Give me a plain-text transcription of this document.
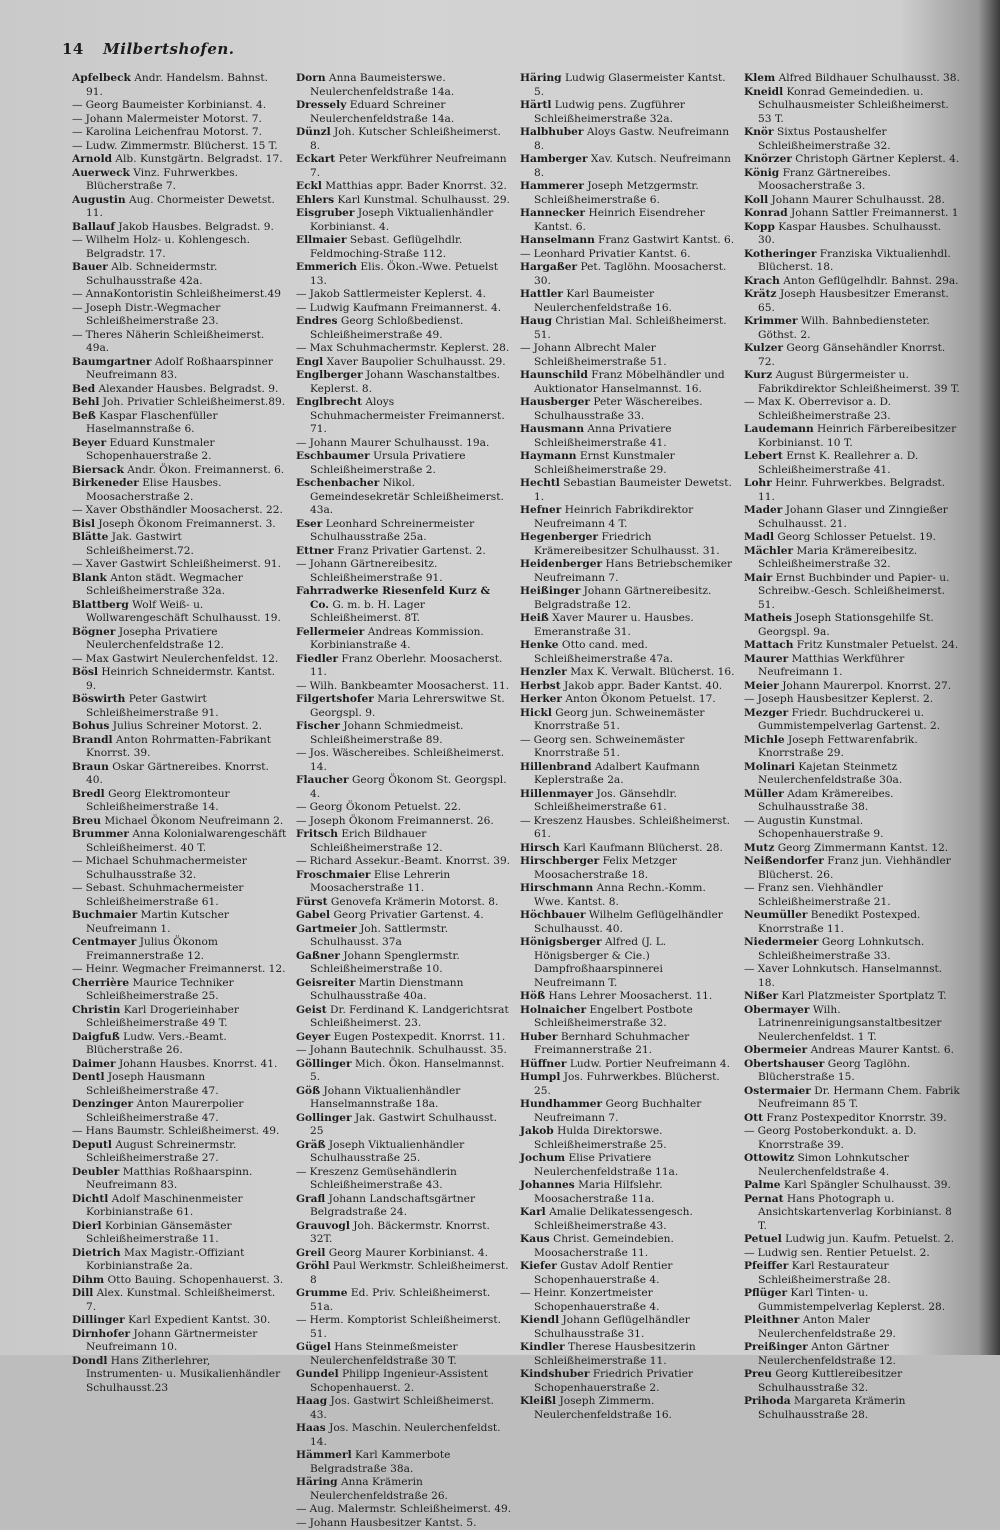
14 Milbertshofen.

Apfelbeck Andr. Handelsm. Bahnst. 91.

— Georg Baumeister Korbinianst. 4.

— Johann Malermeister Motorst. 7.

— Karolina Leichenfrau Motorst. 7.

— Ludw. Zimmermstr. Blücherst. 15 T.

Arnold Alb. Kunstgärtn. Belgradst. 17.

Auerweck Vinz. Fuhrwerkbes. Blücherstraße 7.

Augustin Aug. Chormeister Dewetst. 11.

Ballauf Jakob Hausbes. Belgradst. 9.

— Wilhelm Holz- u. Kohlengesch. Belgradstr. 17.

Bauer Alb. Schneidermstr. Schulhausstraße 42a.

— AnnaKontoristin Schleißheimerst.49

— Joseph Distr.-Wegmacher Schleißheimerstraße 23.

— Theres Näherin Schleißheimerst. 49a.

Baumgartner Adolf Roßhaarspinner Neufreimann 83.

Bed Alexander Hausbes. Belgradst. 9.

Behl Joh. Privatier Schleißheimerst.89.

Beß Kaspar Flaschenfüller Haselmannstraße 6.

Beyer Eduard Kunstmaler Schopenhauerstraße 2.

Biersack Andr. Ökon. Freimannerst. 6.

Birkeneder Elise Hausbes. Moosacherstraße 2.

— Xaver Obsthändler Moosacherst. 22.

Bisl Joseph Ökonom Freimannerst. 3.

Blätte Jak. Gastwirt Schleißheimerst.72.

— Xaver Gastwirt Schleißheimerst. 91.

Blank Anton städt. Wegmacher Schleißheimerstraße 32a.

Blattberg Wolf Weiß- u. Wollwarengeschäft Schulhausst. 19.

Bögner Josepha Privatiere Neulerchenfeldstraße 12.

— Max Gastwirt Neulerchenfeldst. 12.

Bösl Heinrich Schneidermstr. Kantst. 9.

Böswirth Peter Gastwirt Schleißheimerstraße 91.

Bohus Julius Schreiner Motorst. 2.

Brandl Anton Rohrmatten-Fabrikant Knorrst. 39.

Braun Oskar Gärtnereibes. Knorrst. 40.

Bredl Georg Elektromonteur Schleißheimerstraße 14.

Breu Michael Ökonom Neufreimann 2.

Brummer Anna Kolonialwarengeschäft Schleißheimerst. 40 T.

— Michael Schuhmachermeister Schulhausstraße 32.

— Sebast. Schuhmachermeister Schleißheimerstraße 61.

Buchmaier Martin Kutscher Neufreimann 1.

Centmayer Julius Ökonom Freimannerstraße 12.

— Heinr. Wegmacher Freimannerst. 12.

Cherrière Maurice Techniker Schleißheimerstraße 25.

Christin Karl Drogerieinhaber Schleißheimerstraße 49 T.

Daigfuß Ludw. Vers.-Beamt. Blücherstraße 26.

Daimer Johann Hausbes. Knorrst. 41.

Dentl Joseph Hausmann Schleißheimerstraße 47.

Denzinger Anton Maurerpolier Schleißheimerstraße 47.

— Hans Baumstr. Schleißheimerst. 49.

Deputl August Schreinermstr. Schleißheimerstraße 27.

Deubler Matthias Roßhaarspinn. Neufreimann 83.

Dichtl Adolf Maschinenmeister Korbinianstraße 61.

Dierl Korbinian Gänsemäster Schleißheimerstraße 11.

Dietrich Max Magistr.-Offiziant Korbinianstraße 2a.

Dihm Otto Bauing. Schopenhauerst. 3.

Dill Alex. Kunstmal. Schleißheimerst. 7.

Dillinger Karl Expedient Kantst. 30.

Dirnhofer Johann Gärtnermeister Neufreimann 10.

Dondl Hans Zitherlehrer, Instrumenten- u. Musikalienhändler Schulhausst.23

Dorn Anna Baumeisterswe. Neulerchenfeldstraße 14a.

Dressely Eduard Schreiner Neulerchenfeldstraße 14a.

Dünzl Joh. Kutscher Schleißheimerst. 8.

Eckart Peter Werkführer Neufreimann 7.

Eckl Matthias appr. Bader Knorrst. 32.

Ehlers Karl Kunstmal. Schulhausst. 29.

Eisgruber Joseph Viktualienhändler Korbinianst. 4.

Ellmaier Sebast. Geflügelhdlr. Feldmoching-Straße 112.

Emmerich Elis. Ökon.-Wwe. Petuelst 13.

— Jakob Sattlermeister Keplerst. 4.

— Ludwig Kaufmann Freimannerst. 4.

Endres Georg Schloßbedienst. Schleißheimerstraße 49.

— Max Schuhmachermstr. Keplerst. 28.

Engl Xaver Baupolier Schulhausst. 29.

Englberger Johann Waschanstaltbes. Keplerst. 8.

Englbrecht Aloys Schuhmachermeister Freimannerst. 71.

— Johann Maurer Schulhausst. 19a.

Eschbaumer Ursula Privatiere Schleißheimerstraße 2.

Eschenbacher Nikol. Gemeindesekretär Schleißheimerst. 43a.

Eser Leonhard Schreinermeister Schulhausstraße 25a.

Ettner Franz Privatier Gartenst. 2.

— Johann Gärtnereibesitz. Schleißheimerstraße 91.

Fahrradwerke Riesenfeld Kurz & Co. G. m. b. H. Lager Schleißheimerst. 8T.

Fellermeier Andreas Kommission. Korbinianstraße 4.

Fiedler Franz Oberlehr. Moosacherst. 11.

— Wilh. Bankbeamter Moosacherst. 11.

Filgertshofer Maria Lehrerswitwe St. Georgspl. 9.

Fischer Johann Schmiedmeist. Schleißheimerstraße 89.

— Jos. Wäschereibes. Schleißheimerst. 14.

Flaucher Georg Ökonom St. Georgspl. 4.

— Georg Ökonom Petuelst. 22.

— Joseph Ökonom Freimannerst. 26.

Fritsch Erich Bildhauer Schleißheimerstraße 12.

— Richard Assekur.-Beamt. Knorrst. 39.

Froschmaier Elise Lehrerin Moosacherstraße 11.

Fürst Genovefa Krämerin Motorst. 8.

Gabel Georg Privatier Gartenst. 4.

Gartmeier Joh. Sattlermstr. Schulhausst. 37a

Gaßner Johann Spenglermstr. Schleißheimerstraße 10.

Geisreiter Martin Dienstmann Schulhausstraße 40a.

Geist Dr. Ferdinand K. Landgerichtsrat Schleißheimerst. 23.

Geyer Eugen Postexpedit. Knorrst. 11.

— Johann Bautechnik. Schulhausst. 35.

Göllinger Mich. Ökon. Hanselmannst. 5.

Göß Johann Viktualienhändler Hanselmannstraße 18a.

Gollinger Jak. Gastwirt Schulhausst. 25

Gräß Joseph Viktualienhändler Schulhausstraße 25.

— Kreszenz Gemüsehändlerin Schleißheimerstraße 43.

Grafl Johann Landschaftsgärtner Belgradstraße 24.

Grauvogl Joh. Bäckermstr. Knorrst. 32T.

Greil Georg Maurer Korbinianst. 4.

Gröhl Paul Werkmstr. Schleißheimerst. 8

Grumme Ed. Priv. Schleißheimerst. 51a.

— Herm. Komptorist Schleißheimerst. 51.

Gügel Hans Steinmeßmeister Neulerchenfeldstraße 30 T.

Gundel Philipp Ingenieur-Assistent Schopenhauerst. 2.

Haag Jos. Gastwirt Schleißheimerst. 43.

Haas Jos. Maschin. Neulerchenfeldst. 14.

Hämmerl Karl Kammerbote Belgradstraße 38a.

Häring Anna Krämerin Neulerchenfeldstraße 26.

— Aug. Malermstr. Schleißheimerst. 49.

— Johann Hausbesitzer Kantst. 5.

Häring Ludwig Glasermeister Kantst. 5.

Härtl Ludwig pens. Zugführer Schleißheimerstraße 32a.

Halbhuber Aloys Gastw. Neufreimann 8.

Hamberger Xav. Kutsch. Neufreimann 8.

Hammerer Joseph Metzgermstr. Schleißheimerstraße 6.

Hannecker Heinrich Eisendreher Kantst. 6.

Hanselmann Franz Gastwirt Kantst. 6.

— Leonhard Privatier Kantst. 6.

Hargaßer Pet. Taglöhn. Moosacherst. 30.

Hattler Karl Baumeister Neulerchenfeldstraße 16.

Haug Christian Mal. Schleißheimerst. 51.

— Johann Albrecht Maler Schleißheimerstraße 51.

Haunschild Franz Möbelhändler und Auktionator Hanselmannst. 16.

Hausberger Peter Wäschereibes. Schulhausstraße 33.

Hausmann Anna Privatiere Schleißheimerstraße 41.

Haymann Ernst Kunstmaler Schleißheimerstraße 29.

Hechtl Sebastian Baumeister Dewetst. 1.

Hefner Heinrich Fabrikdirektor Neufreimann 4 T.

Hegenberger Friedrich Krämereibesitzer Schulhausst. 31.

Heidenberger Hans Betriebschemiker Neufreimann 7.

Heißinger Johann Gärtnereibesitz. Belgradstraße 12.

Heiß Xaver Maurer u. Hausbes. Emeranstraße 31.

Henke Otto cand. med. Schleißheimerstraße 47a.

Henzler Max K. Verwalt. Blücherst. 16.

Herbst Jakob appr. Bader Kantst. 40.

Herker Anton Ökonom Petuelst. 17.

Hickl Georg jun. Schweinemäster Knorrstraße 51.

— Georg sen. Schweinemäster Knorrstraße 51.

Hillenbrand Adalbert Kaufmann Keplerstraße 2a.

Hillenmayer Jos. Gänsehdlr. Schleißheimerstraße 61.

— Kreszenz Hausbes. Schleißheimerst. 61.

Hirsch Karl Kaufmann Blücherst. 28.

Hirschberger Felix Metzger Moosacherstraße 18.

Hirschmann Anna Rechn.-Komm. Wwe. Kantst. 8.

Höchbauer Wilhelm Geflügelhändler Schulhausst. 40.

Hönigsberger Alfred (J. L. Hönigsberger & Cie.) Dampfroßhaarspinnerei Neufreimann T.

Höß Hans Lehrer Moosacherst. 11.

Holnaicher Engelbert Postbote Schleißheimerstraße 32.

Huber Bernhard Schuhmacher Freimannerstraße 21.

Hüffner Ludw. Portier Neufreimann 4.

Humpl Jos. Fuhrwerkbes. Blücherst. 25.

Hundhammer Georg Buchhalter Neufreimann 7.

Jakob Hulda Direktorswe. Schleißheimerstraße 25.

Jochum Elise Privatiere Neulerchenfeldstraße 11a.

Johannes Maria Hilfslehr. Moosacherstraße 11a.

Karl Amalie Delikatessengesch. Schleißheimerstraße 43.

Kaus Christ. Gemeindebien. Moosacherstraße 11.

Kiefer Gustav Adolf Rentier Schopenhauerstraße 4.

— Heinr. Konzertmeister Schopenhauerstraße 4.

Kiendl Johann Geflügelhändler Schulhausstraße 31.

Kindler Therese Hausbesitzerin Schleißheimerstraße 11.

Kindshuber Friedrich Privatier Schopenhauerstraße 2.

Kleißl Joseph Zimmerm. Neulerchenfeldstraße 16.

Klem Alfred Bildhauer Schulhausst. 38.

Kneidl Konrad Gemeindedien. u. Schulhausmeister Schleißheimerst. 53 T.

Knör Sixtus Postaushelfer Schleißheimerstraße 32.

Knörzer Christoph Gärtner Keplerst. 4.

König Franz Gärtnereibes. Moosacherstraße 3.

Koll Johann Maurer Schulhausst. 28.

Konrad Johann Sattler Freimannerst. 1

Kopp Kaspar Hausbes. Schulhausst. 30.

Kotheringer Franziska Viktualienhdl. Blücherst. 18.

Krach Anton Geflügelhdlr. Bahnst. 29a.

Krätz Joseph Hausbesitzer Emeranst. 65.

Krimmer Wilh. Bahnbediensteter. Göthst. 2.

Kulzer Georg Gänsehändler Knorrst. 72.

Kurz August Bürgermeister u. Fabrikdirektor Schleißheimerst. 39 T.

— Max K. Oberrevisor a. D. Schleißheimerstraße 23.

Laudemann Heinrich Färbereibesitzer Korbinianst. 10 T.

Lebert Ernst K. Reallehrer a. D. Schleißheimerstraße 41.

Lohr Heinr. Fuhrwerkbes. Belgradst. 11.

Mader Johann Glaser und Zinngießer Schulhausst. 21.

Madl Georg Schlosser Petuelst. 19.

Mächler Maria Krämereibesitz. Schleißheimerstraße 32.

Mair Ernst Buchbinder und Papier- u. Schreibw.-Gesch. Schleißheimerst. 51.

Matheis Joseph Stationsgehilfe St. Georgspl. 9a.

Mattach Fritz Kunstmaler Petuelst. 24.

Maurer Matthias Werkführer Neufreimann 1.

Meier Johann Maurerpol. Knorrst. 27.

— Joseph Hausbesitzer Keplerst. 2.

Mezger Friedr. Buchdruckerei u. Gummistempelverlag Gartenst. 2.

Michle Joseph Fettwarenfabrik. Knorrstraße 29.

Molinari Kajetan Steinmetz Neulerchenfeldstraße 30a.

Müller Adam Krämereibes. Schulhausstraße 38.

— Augustin Kunstmal. Schopenhauerstraße 9.

Mutz Georg Zimmermann Kantst. 12.

Neißendorfer Franz jun. Viehhändler Blücherst. 26.

— Franz sen. Viehhändler Schleißheimerstraße 21.

Neumüller Benedikt Postexped. Knorrstraße 11.

Niedermeier Georg Lohnkutsch. Schleißheimerstraße 33.

— Xaver Lohnkutsch. Hanselmannst. 18.

Nißer Karl Platzmeister Sportplatz T.

Obermayer Wilh. Latrinenreinigungsanstaltbesitzer Neulerchenfeldst. 1 T.

Obermeier Andreas Maurer Kantst. 6.

Obertshauser Georg Taglöhn. Blücherstraße 15.

Ostermaier Dr. Hermann Chem. Fabrik Neufreimann 85 T.

Ott Franz Postexpeditor Knorrstr. 39.

— Georg Postoberkondukt. a. D. Knorrstraße 39.

Ottowitz Simon Lohnkutscher Neulerchenfeldstraße 4.

Palme Karl Spängler Schulhausst. 39.

Pernat Hans Photograph u. Ansichtskartenverlag Korbinianst. 8 T.

Petuel Ludwig jun. Kaufm. Petuelst. 2.

— Ludwig sen. Rentier Petuelst. 2.

Pfeiffer Karl Restaurateur Schleißheimerstraße 28.

Pflüger Karl Tinten- u. Gummistempelverlag Keplerst. 28.

Pleithner Anton Maler Neulerchenfeldstraße 29.

Preißinger Anton Gärtner Neulerchenfeldstraße 12.

Preu Georg Kuttlereibesitzer Schulhausstraße 32.

Prihoda Margareta Krämerin Schulhausstraße 28.
